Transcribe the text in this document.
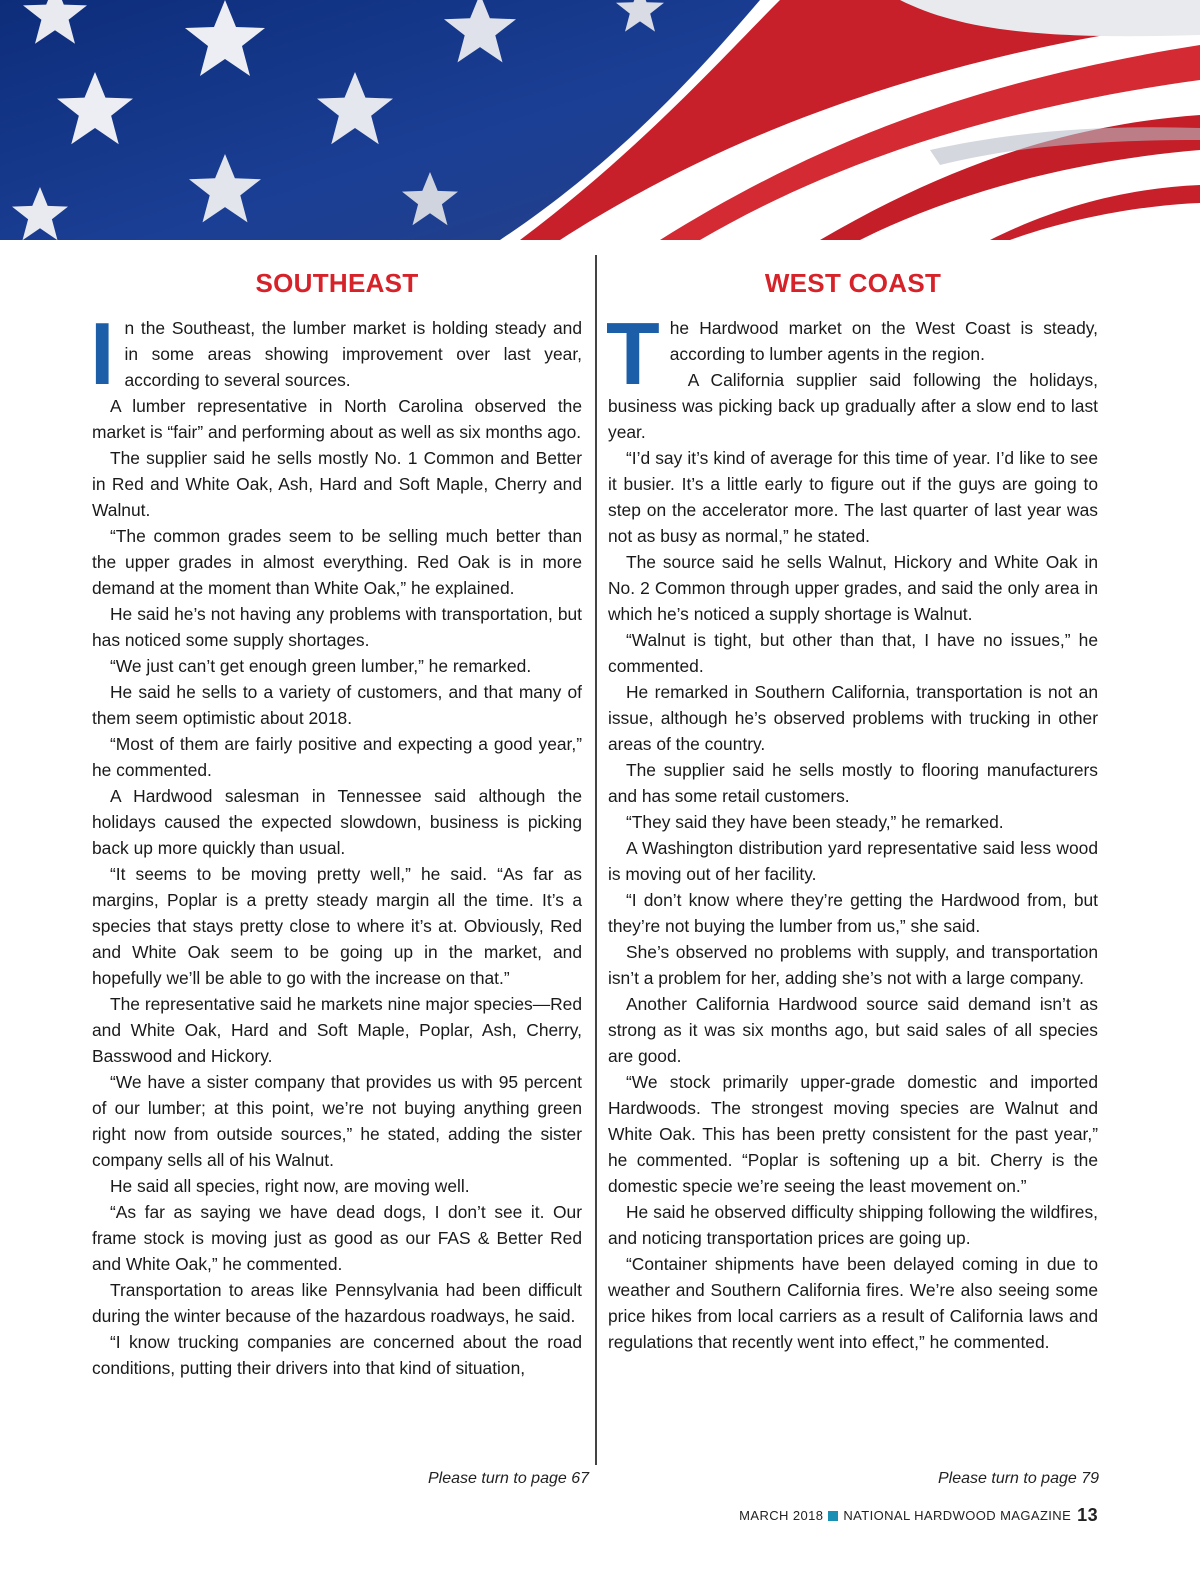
SOUTHEAST

In the Southeast, the lumber market is holding steady and in some areas showing improvement over last year, according to several sources.

A lumber representative in North Carolina observed the market is “fair” and performing about as well as six months ago.

The supplier said he sells mostly No. 1 Common and Better in Red and White Oak, Ash, Hard and Soft Maple, Cherry and Walnut.

“The common grades seem to be selling much better than the upper grades in almost everything. Red Oak is in more demand at the moment than White Oak,” he explained.

He said he’s not having any problems with transportation, but has noticed some supply shortages.

“We just can’t get enough green lumber,” he remarked.

He said he sells to a variety of customers, and that many of them seem optimistic about 2018.

“Most of them are fairly positive and expecting a good year,” he commented.

A Hardwood salesman in Tennessee said although the holidays caused the expected slowdown, business is picking back up more quickly than usual.

“It seems to be moving pretty well,” he said. “As far as margins, Poplar is a pretty steady margin all the time. It’s a species that stays pretty close to where it’s at. Obviously, Red and White Oak seem to be going up in the market, and hopefully we’ll be able to go with the increase on that.”

The representative said he markets nine major species—Red and White Oak, Hard and Soft Maple, Poplar, Ash, Cherry, Basswood and Hickory.

“We have a sister company that provides us with 95 percent of our lumber; at this point, we’re not buying anything green right now from outside sources,” he stated, adding the sister company sells all of his Walnut.

He said all species, right now, are moving well.

“As far as saying we have dead dogs, I don’t see it. Our frame stock is moving just as good as our FAS & Better Red and White Oak,” he commented.

Transportation to areas like Pennsylvania had been difficult during the winter because of the hazardous roadways, he said.

“I know trucking companies are concerned about the road conditions, putting their drivers into that kind of situation,

WEST COAST

The Hardwood market on the West Coast is steady, according to lumber agents in the region.

A California supplier said following the holidays, business was picking back up gradually after a slow end to last year.

“I’d say it’s kind of average for this time of year. I’d like to see it busier. It’s a little early to figure out if the guys are going to step on the accelerator more. The last quarter of last year was not as busy as normal,” he stated.

The source said he sells Walnut, Hickory and White Oak in No. 2 Common through upper grades, and said the only area in which he’s noticed a supply shortage is Walnut.

“Walnut is tight, but other than that, I have no issues,” he commented.

He remarked in Southern California, transportation is not an issue, although he’s observed problems with trucking in other areas of the country.

The supplier said he sells mostly to flooring manufacturers and has some retail customers.

“They said they have been steady,” he remarked.

A Washington distribution yard representative said less wood is moving out of her facility.

“I don’t know where they’re getting the Hardwood from, but they’re not buying the lumber from us,” she said.

She’s observed no problems with supply, and transportation isn’t a problem for her, adding she’s not with a large company.

Another California Hardwood source said demand isn’t as strong as it was six months ago, but said sales of all species are good.

“We stock primarily upper-grade domestic and imported Hardwoods. The strongest moving species are Walnut and White Oak. This has been pretty consistent for the past year,” he commented. “Poplar is softening up a bit. Cherry is the domestic specie we’re seeing the least movement on.”

He said he observed difficulty shipping following the wildfires, and noticing transportation prices are going up.

“Container shipments have been delayed coming in due to weather and Southern California fires. We’re also seeing some price hikes from local carriers as a result of California laws and regulations that recently went into effect,” he commented.

Please turn to page 67	Please turn to page 79
MARCH 2018 NATIONAL HARDWOOD MAGAZINE 13
